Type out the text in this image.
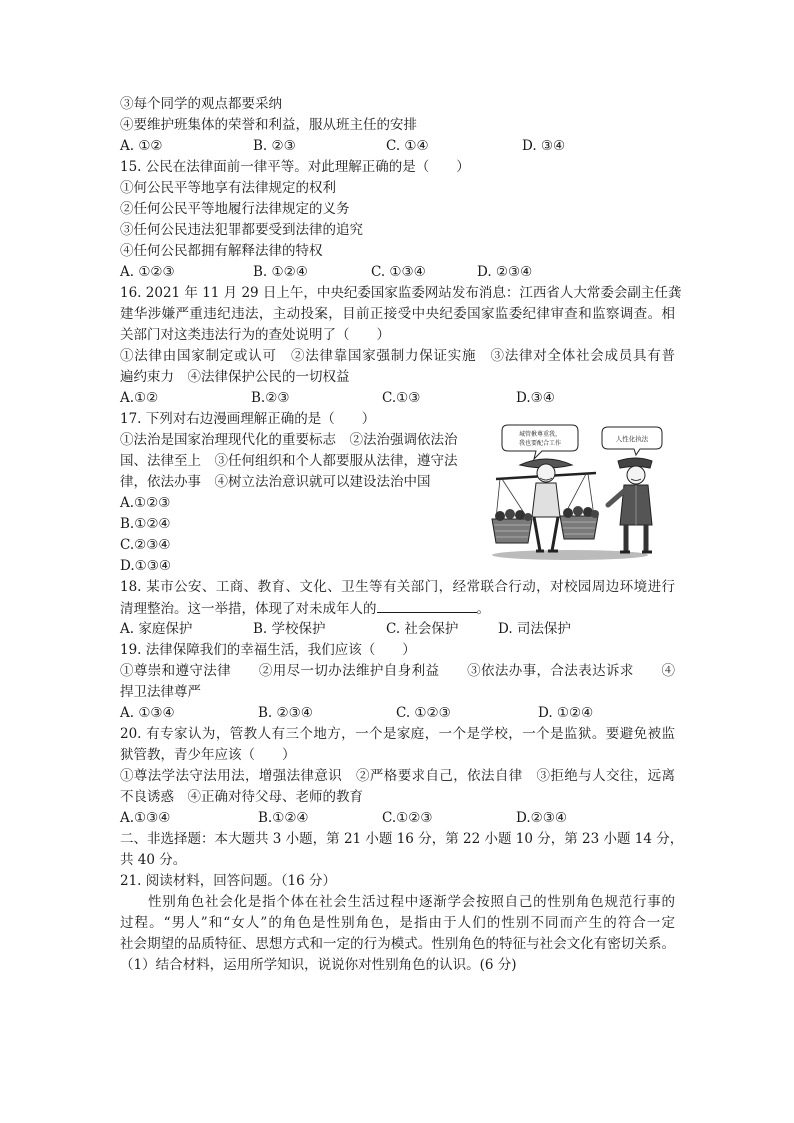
③每个同学的观点都要采纳
④要维护班集体的荣誉和利益，服从班主任的安排
A. ①②	B. ②③	C. ①④	D. ③④
15. 公民在法律面前一律平等。对此理解正确的是（　　）
①何公民平等地享有法律规定的权利
②任何公民平等地履行法律规定的义务
③任何公民违法犯罪都要受到法律的追究
④任何公民都拥有解释法律的特权
A. ①②③	B. ①②④	C. ①③④	D. ②③④
16. 2021 年 11 月 29 日上午，中央纪委国家监委网站发布消息：江西省人大常委会副主任龚
建华涉嫌严重违纪违法，主动投案，目前正接受中央纪委国家监委纪律审查和监察调查。相
关部门对这类违法行为的查处说明了（　　）
①法律由国家制定或认可　②法律靠国家强制力保证实施　③法律对全体社会成员具有普
遍约束力　④法律保护公民的一切权益
A.①②	B.②③	C.①③	D.③④
17. 下列对右边漫画理解正确的是（　　）
①法治是国家治理现代化的重要标志　②法治强调依法治
国、法律至上　③任何组织和个人都要服从法律，遵守法
律，依法办事　④树立法治意识就可以建设法治中国
A.①②③
B.①②④
C.②③④
D.①③④
城管揪尊重我，
我也要配合工作
人性化执法
18. 某市公安、工商、教育、文化、卫生等有关部门，经常联合行动，对校园周边环境进行
清理整治。这一举措，体现了对未成年人的	。
A. 家庭保护	B. 学校保护	C. 社会保护	D. 司法保护
19. 法律保障我们的幸福生活，我们应该（　　）
①尊崇和遵守法律　　②用尽一切办法维护自身利益　　③依法办事，合法表达诉求　　④
捍卫法律尊严
A. ①③④	B. ②③④	C. ①②③	D. ①②④
20. 有专家认为，管教人有三个地方，一个是家庭，一个是学校，一个是监狱。要避免被监
狱管教，青少年应该（　　）
①尊法学法守法用法，增强法律意识　②严格要求自己，依法自律　③拒绝与人交往，远离
不良诱惑　④正确对待父母、老师的教育
A.①③④	B.①②④	C.①②③	D.②③④
二、非选择题：本大题共 3 小题，第 21 小题 16 分，第 22 小题 10 分，第 23 小题 14 分，
共 40 分。
21. 阅读材料，回答问题。（16 分）
性别角色社会化是指个体在社会生活过程中逐渐学会按照自己的性别角色规范行事的
过程。“男人”和“女人”的角色是性别角色，是指由于人们的性别不同而产生的符合一定
社会期望的品质特征、思想方式和一定的行为模式。性别角色的特征与社会文化有密切关系。
（1）结合材料，运用所学知识，说说你对性别角色的认识。(6 分)
